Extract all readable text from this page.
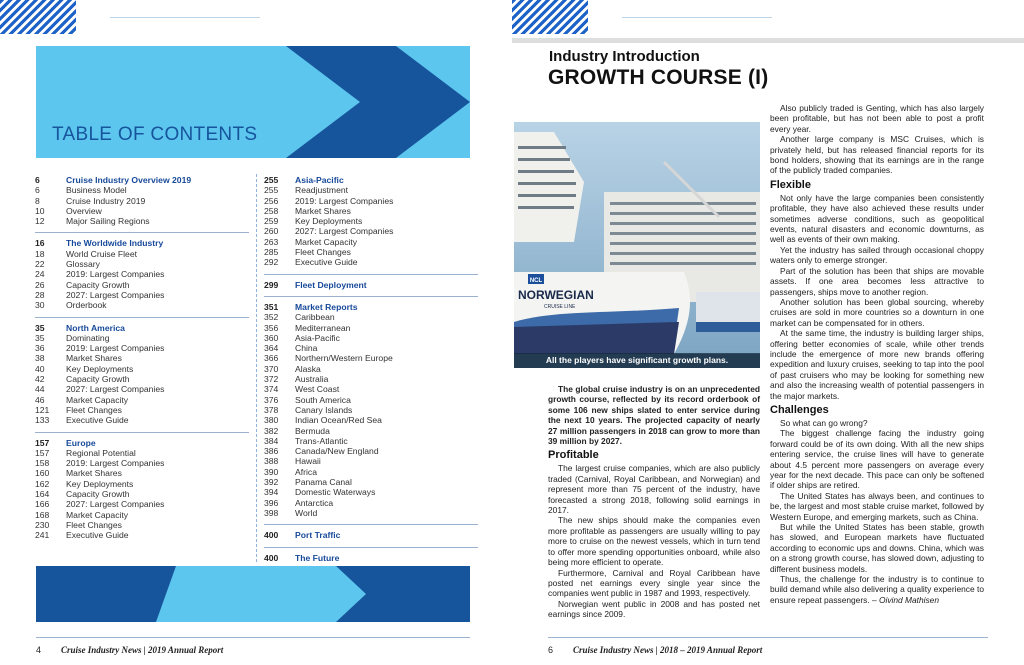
TABLE OF CONTENTS
6	Cruise Industry Overview 2019
6	Business Model
8	Cruise Industry 2019
10	Overview
12	Major Sailing Regions
16	The Worldwide Industry
18	World Cruise Fleet
22	Glossary
24	2019: Largest Companies
26	Capacity Growth
28	2027: Largest Companies
30	Orderbook
35	North America
35	Dominating
36	2019: Largest Companies
38	Market Shares
40	Key Deployments
42	Capacity Growth
44	2027: Largest Companies
46	Market Capacity
121	Fleet Changes
133	Executive Guide
157	Europe
157	Regional Potential
158	2019: Largest Companies
160	Market Shares
162	Key Deployments
164	Capacity Growth
166	2027: Largest Companies
168	Market Capacity
230	Fleet Changes
241	Executive Guide
255	Asia-Pacific
255	Readjustment
256	2019: Largest Companies
258	Market Shares
259	Key Deployments
260	2027: Largest Companies
263	Market Capacity
285	Fleet Changes
292	Executive Guide
299	Fleet Deployment
351	Market Reports
352	Caribbean
356	Mediterranean
360	Asia-Pacific
364	China
366	Northern/Western Europe
370	Alaska
372	Australia
374	West Coast
376	South America
378	Canary Islands
380	Indian Ocean/Red Sea
382	Bermuda
384	Trans-Atlantic
386	Canada/New England
388	Hawaii
390	Africa
392	Panama Canal
394	Domestic Waterways
396	Antarctica
398	World
400	Port Traffic
400	The Future
4 Cruise Industry News | 2019 Annual Report
Industry Introduction
GROWTH COURSE (I)
NCL
NORWEGIAN
CRUISE LINE
All the players have significant growth plans.

The global cruise industry is on an unprecedented growth course, reflected by its record orderbook of some 106 new ships slated to enter service during the next 10 years. The projected capacity of nearly 27 million passengers in 2018 can grow to more than 39 million by 2027.

Profitable

The largest cruise companies, which are also publicly traded (Carnival, Royal Caribbean, and Norwegian) and represent more than 75 percent of the industry, have forecasted a strong 2018, following solid earnings in 2017.

The new ships should make the companies even more profitable as passengers are usually willing to pay more to cruise on the newest vessels, which in turn tend to offer more spending opportunities onboard, while also being more efficient to operate.

Furthermore, Carnival and Royal Caribbean have posted net earnings every single year since the companies went public in 1987 and 1993, respectively.

Norwegian went public in 2008 and has posted net earnings since 2009.

Also publicly traded is Genting, which has also largely been profitable, but has not been able to post a profit every year.

Another large company is MSC Cruises, which is privately held, but has released financial reports for its bond holders, showing that its earnings are in the range of the publicly traded companies.

Flexible

Not only have the large companies been consistently profitable, they have also achieved these results under sometimes adverse conditions, such as geopolitical events, natural disasters and economic downturns, as well as events of their own making.

Yet the industry has sailed through occasional choppy waters only to emerge stronger.

Part of the solution has been that ships are movable assets. If one area becomes less attractive to passengers, ships move to another region.

Another solution has been global sourcing, whereby cruises are sold in more countries so a downturn in one market can be compensated for in others.

At the same time, the industry is building larger ships, offering better economies of scale, while other trends include the emergence of more new brands offering expedition and luxury cruises, seeking to tap into the pool of past cruisers who may be looking for something new and also the increasing wealth of potential passengers in the major markets.

Challenges

So what can go wrong?

The biggest challenge facing the industry going forward could be of its own doing. With all the new ships entering service, the cruise lines will have to generate about 4.5 percent more passengers on average every year for the next decade. This pace can only be softened if older ships are retired.

The United States has always been, and continues to be, the largest and most stable cruise market, followed by Western Europe, and emerging markets, such as China.

But while the United States has been stable, growth has slowed, and European markets have fluctuated according to economic ups and downs. China, which was on a strong growth course, has slowed down, adjusting to different business models.

Thus, the challenge for the industry is to continue to build demand while also delivering a quality experience to ensure repeat passengers. – Oivind Mathisen

6 Cruise Industry News | 2018 – 2019 Annual Report
